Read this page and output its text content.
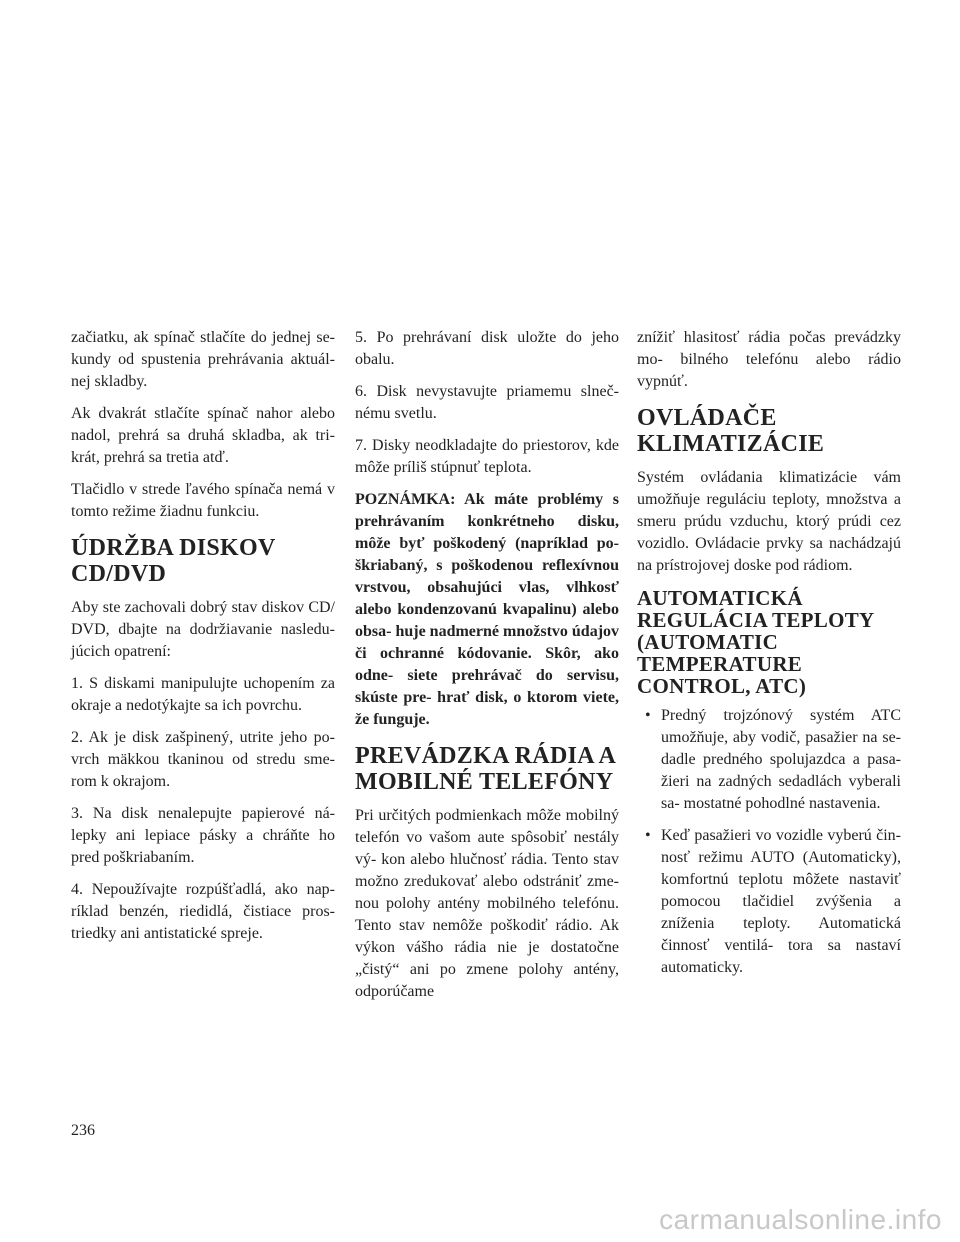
začiatku, ak spínač stlačíte do jednej se- kundy od spustenia prehrávania aktuál- nej skladby.

Ak dvakrát stlačíte spínač nahor alebo nadol, prehrá sa druhá skladba, ak tri- krát, prehrá sa tretia atď.

Tlačidlo v strede ľavého spínača nemá v tomto režime žiadnu funkciu.

ÚDRŽBA DISKOV CD/DVD

Aby ste zachovali dobrý stav diskov CD/ DVD, dbajte na dodržiavanie nasledu- júcich opatrení:

1. S diskami manipulujte uchopením za okraje a nedotýkajte sa ich povrchu.

2. Ak je disk zašpinený, utrite jeho po- vrch mäkkou tkaninou od stredu sme- rom k okrajom.

3. Na disk nenalepujte papierové ná- lepky ani lepiace pásky a chráňte ho pred poškriabaním.

4. Nepoužívajte rozpúšťadlá, ako nap- ríklad benzén, riedidlá, čistiace pros- triedky ani antistatické spreje.

5. Po prehrávaní disk uložte do jeho obalu.

6. Disk nevystavujte priamemu slneč- nému svetlu.

7. Disky neodkladajte do priestorov, kde môže príliš stúpnuť teplota.

POZNÁMKA: Ak máte problémy s prehrávaním konkrétneho disku, môže byť poškodený (napríklad po- škriabaný, s poškodenou reflexívnou vrstvou, obsahujúci vlas, vlhkosť alebo kondenzovanú kvapalinu) alebo obsa- huje nadmerné množstvo údajov či ochranné kódovanie. Skôr, ako odne- siete prehrávač do servisu, skúste pre- hrať disk, o ktorom viete, že funguje.

PREVÁDZKA RÁDIA A MOBILNÉ TELEFÓNY

Pri určitých podmienkach môže mobilný telefón vo vašom aute spôsobiť nestály vý- kon alebo hlučnosť rádia. Tento stav možno zredukovať alebo odstrániť zme- nou polohy antény mobilného telefónu. Tento stav nemôže poškodiť rádio. Ak výkon vášho rádia nie je dostatočne „čistý“ ani po zmene polohy antény, odporúčame

znížiť hlasitosť rádia počas prevádzky mo- bilného telefónu alebo rádio vypnúť.

OVLÁDAČE KLIMATIZÁCIE

Systém ovládania klimatizácie vám umožňuje reguláciu teploty, množstva a smeru prúdu vzduchu, ktorý prúdi cez vozidlo. Ovládacie prvky sa nachádzajú na prístrojovej doske pod rádiom.

AUTOMATICKÁ REGULÁCIA TEPLOTY (AUTOMATIC TEMPERATURE CONTROL, ATC)
• Predný trojzónový systém ATC umožňuje, aby vodič, pasažier na se- dadle predného spolujazdca a pasa- žieri na zadných sedadlách vyberali sa- mostatné pohodlné nastavenia.
• Keď pasažieri vo vozidle vyberú čin- nosť režimu AUTO (Automaticky), komfortnú teplotu môžete nastaviť pomocou tlačidiel zvýšenia a zníženia teploty. Automatická činnosť ventilá- tora sa nastaví automaticky.
236
carmanualsonline.info
